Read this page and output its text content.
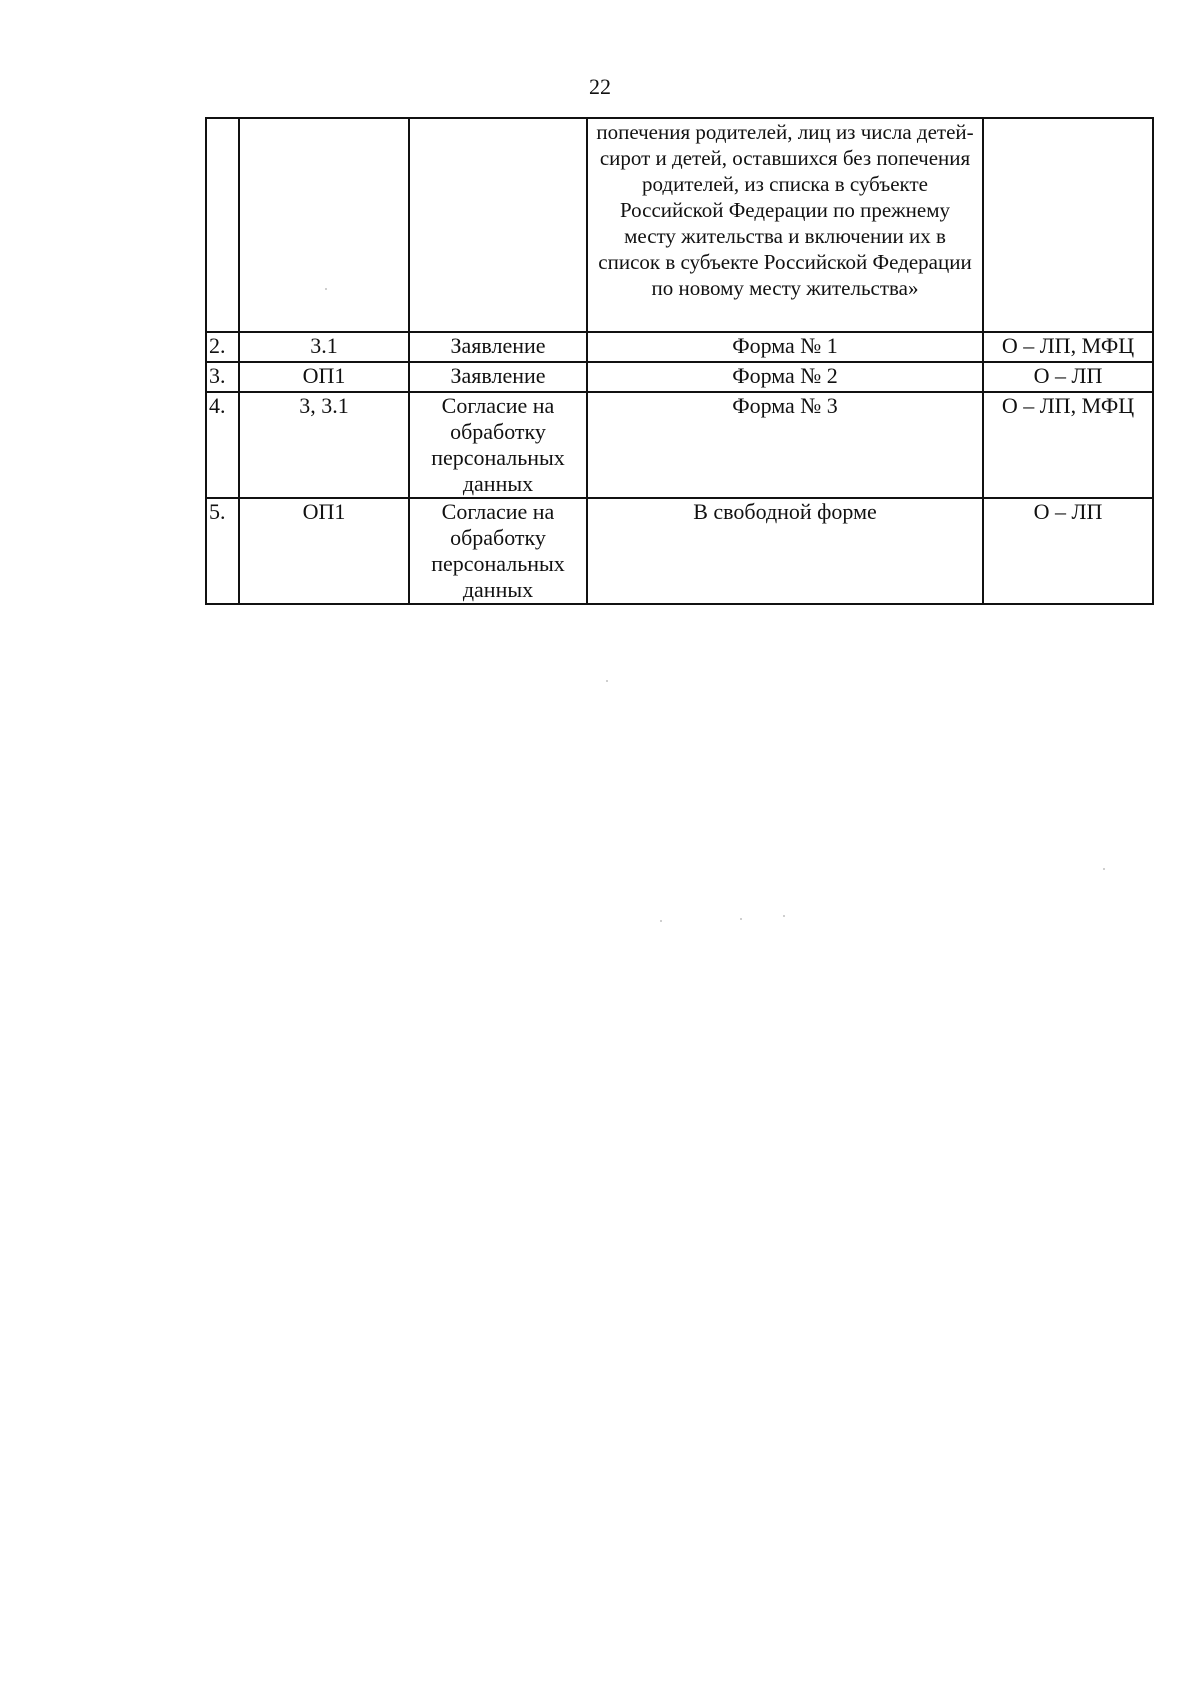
22

			попечения родителей, лиц из числа детей-сирот и детей, оставшихся без попечения родителей, из списка в субъекте Российской Федерации по прежнему месту жительства и включении их в список в субъекте Российской Федерации по новому месту жительства»	

2.	3.1	Заявление	Форма № 1	О – ЛП, МФЦ
3.	ОП1	Заявление	Форма № 2	О – ЛП
4.	3, 3.1	Согласие на обработку персональных данных	Форма № 3	О – ЛП, МФЦ
5.	ОП1	Согласие на обработку персональных данных	В свободной форме	О – ЛП
